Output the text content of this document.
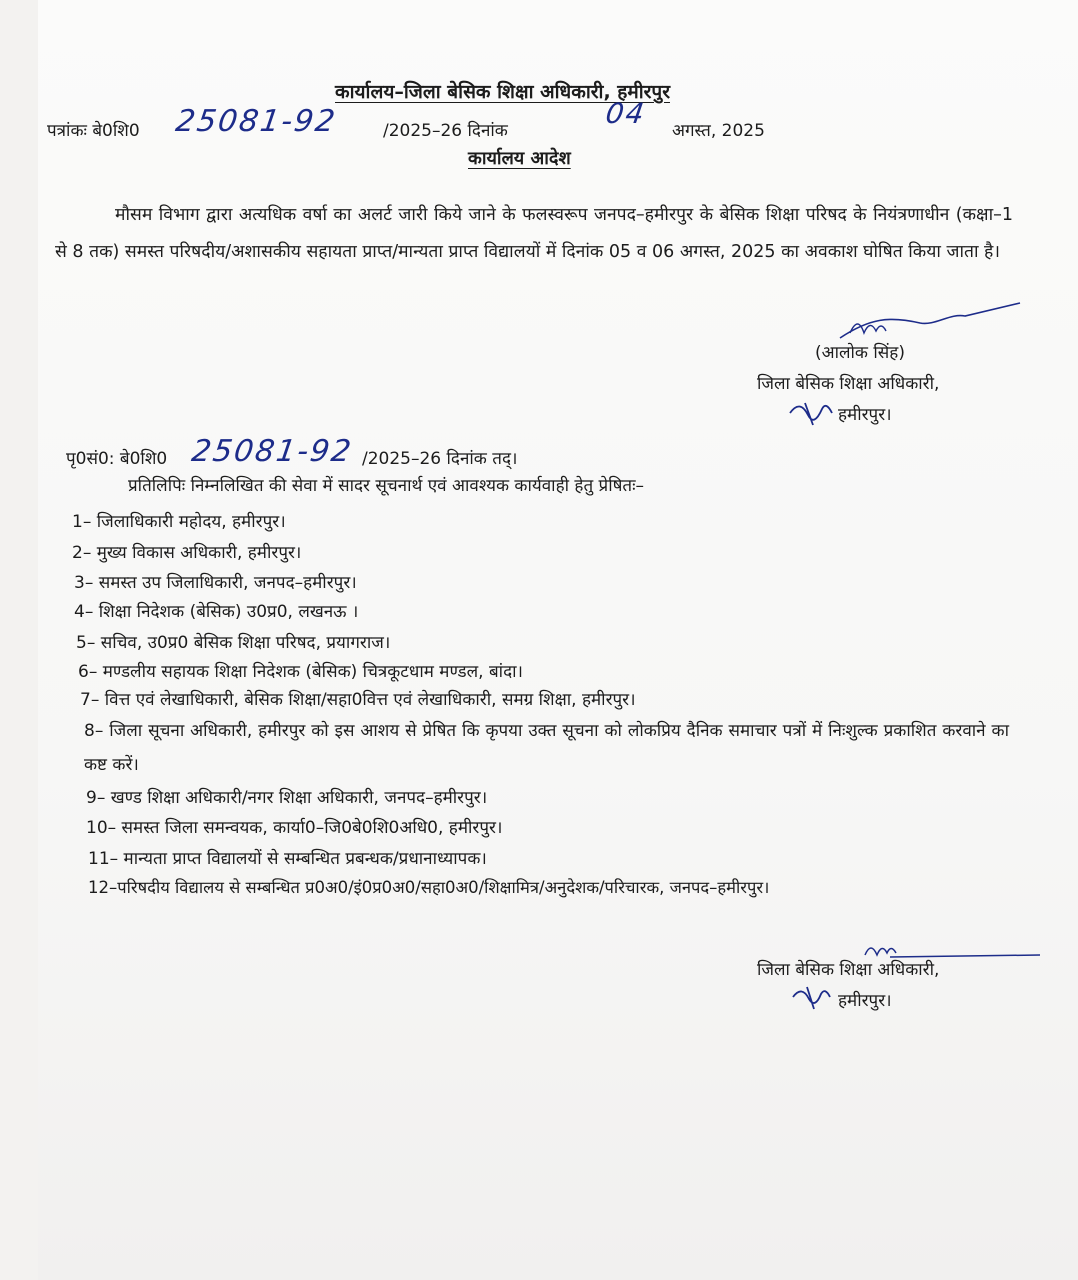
कार्यालय–जिला बेसिक शिक्षा अधिकारी, हमीरपुर
पत्रांकः बे0शि0 25081-92	/2025–26 दिनांक
04
अगस्त, 2025
कार्यालय आदेश
मौसम विभाग द्वारा अत्यधिक वर्षा का अलर्ट जारी किये जाने के फलस्वरूप जनपद–हमीरपुर के बेसिक शिक्षा परिषद के नियंत्रणाधीन (कक्षा–1 से 8 तक) समस्त परिषदीय/अशासकीय सहायता प्राप्त/मान्यता प्राप्त विद्यालयों में दिनांक 05 व 06 अगस्त, 2025 का अवकाश घोषित किया जाता है।
(आलोक सिंह)
जिला बेसिक शिक्षा अधिकारी,
हमीरपुर।
पृ0सं0: बे0शि0 25081-92 /2025–26 दिनांक तद्।
प्रतिलिपिः निम्नलिखित की सेवा में सादर सूचनार्थ एवं आवश्यक कार्यवाही हेतु प्रेषितः–
1– जिलाधिकारी महोदय, हमीरपुर।
2– मुख्य विकास अधिकारी, हमीरपुर।
3– समस्त उप जिलाधिकारी, जनपद–हमीरपुर।
4– शिक्षा निदेशक (बेसिक) उ0प्र0, लखनऊ ।
5– सचिव, उ0प्र0 बेसिक शिक्षा परिषद, प्रयागराज।
6– मण्डलीय सहायक शिक्षा निदेशक (बेसिक) चित्रकूटधाम मण्डल, बांदा।
7– वित्त एवं लेखाधिकारी, बेसिक शिक्षा/सहा0वित्त एवं लेखाधिकारी, समग्र शिक्षा, हमीरपुर।
8– जिला सूचना अधिकारी, हमीरपुर को इस आशय से प्रेषित कि कृपया उक्त सूचना को लोकप्रिय दैनिक समाचार पत्रों में निःशुल्क प्रकाशित करवाने का कष्ट करें।
9– खण्ड शिक्षा अधिकारी/नगर शिक्षा अधिकारी, जनपद–हमीरपुर।
10– समस्त जिला समन्वयक, कार्या0–जि0बे0शि0अधि0, हमीरपुर।
11– मान्यता प्राप्त विद्यालयों से सम्बन्धित प्रबन्धक/प्रधानाध्यापक।
12–परिषदीय विद्यालय से सम्बन्धित प्र0अ0/इं0प्र0अ0/सहा0अ0/शिक्षामित्र/अनुदेशक/परिचारक, जनपद–हमीरपुर।
जिला बेसिक शिक्षा अधिकारी,
हमीरपुर।
